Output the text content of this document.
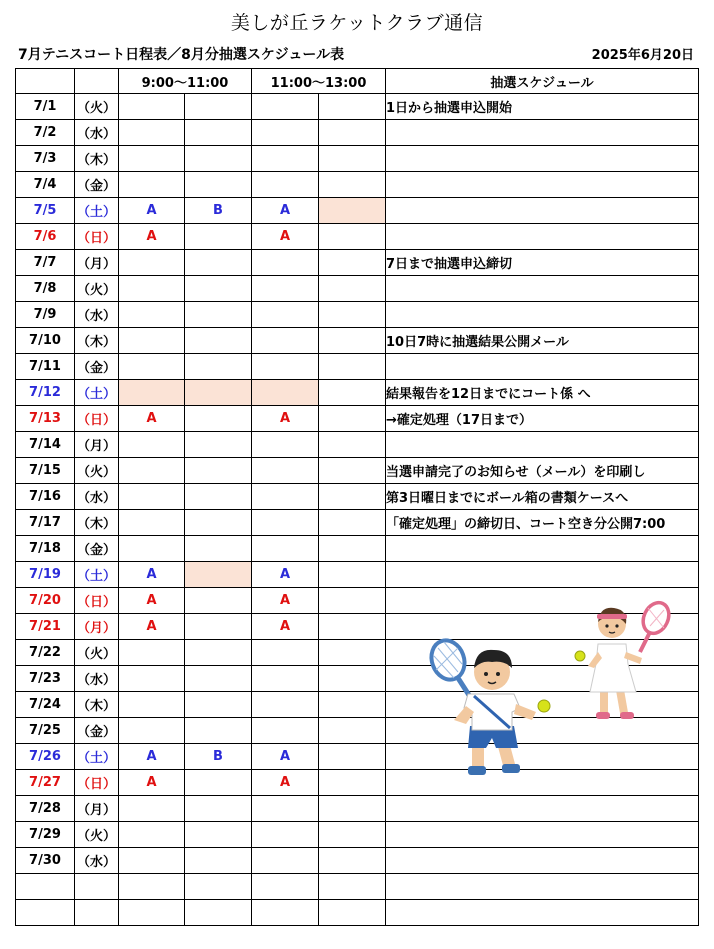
美しが丘ラケットクラブ通信
7月テニスコート日程表／8月分抽選スケジュール表	2025年6月20日
		9:00〜11:00		11:00〜13:00		抽選スケジュール
7/1	（火）					1日から抽選申込開始
7/2	（水）					
7/3	（木）					
7/4	（金）					
7/5	（土）	A	B	A		
7/6	（日）	A		A		
7/7	（月）					7日まで抽選申込締切
7/8	（火）					
7/9	（水）					
7/10	（木）					10日7時に抽選結果公開メール
7/11	（金）					
7/12	（土）					結果報告を12日までにコート係 へ
7/13	（日）	A		A		→確定処理（17日まで）
7/14	（月）					
7/15	（火）					当選申請完了のお知らせ（メール）を印刷し
7/16	（水）					第3日曜日までにボール箱の書類ケースへ
7/17	（木）					「確定処理」の締切日、コート空き分公開7:00
7/18	（金）					
7/19	（土）	A		A		
7/20	（日）	A		A		
7/21	（月）	A		A		
7/22	（火）					
7/23	（水）					
7/24	（木）					
7/25	（金）					
7/26	（土）	A	B	A		
7/27	（日）	A		A		
7/28	（月）					
7/29	（火）					
7/30	（水）					
